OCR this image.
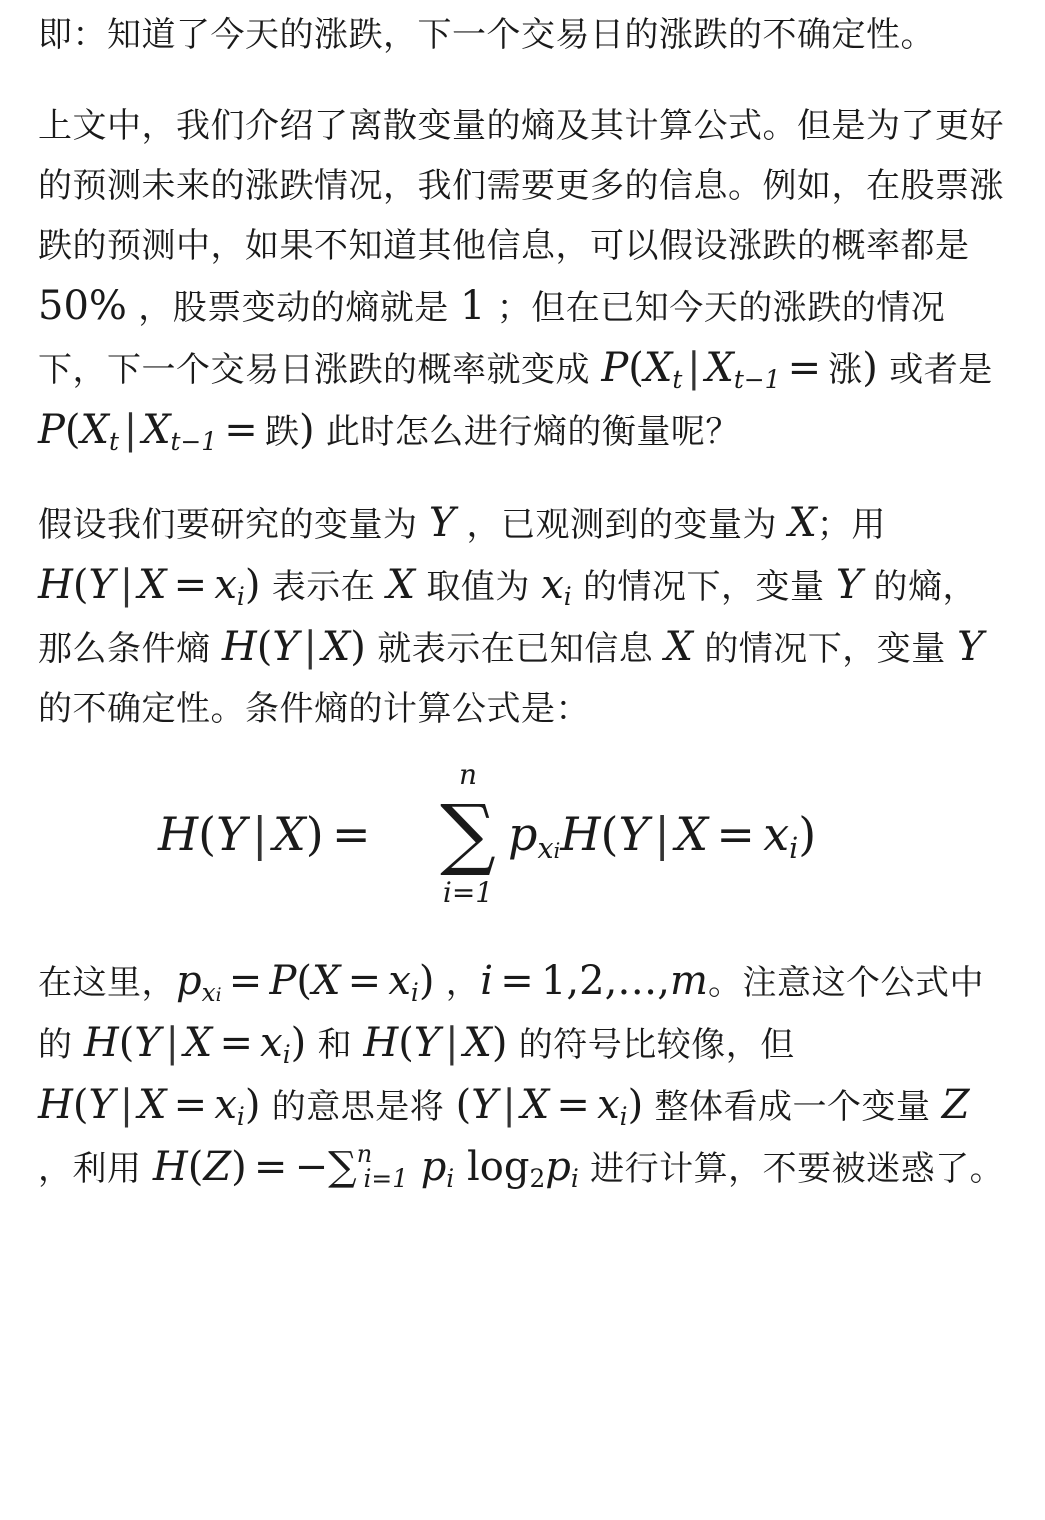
即：知道了今天的涨跌，下一个交易日的涨跌的不确定性。

上文中，我们介绍了离散变量的熵及其计算公式。但是为了更好的预测未来的涨跌情况，我们需要更多的信息。例如，在股票涨跌的预测中，如果不知道其他信息，可以假设涨跌的概率都是 50% ，股票变动的熵就是 1 ；但在已知今天的涨跌的情况下，下一个交易日涨跌的概率就变成 $P(X_t$ | $X_{t-1}$ = 涨) 或者是 $P(X_t$ | $X_{t-1}$ = 跌) 此时怎么进行熵的衡量呢？

假设我们要研究的变量为 Y ，已观测到的变量为 X；用 H(Y | $X = x_i$) 表示在 X 取值为 $x_i$ 的情况下，变量 Y 的熵，那么条件熵 H(Y | X) 就表示在已知信息 X 的情况下，变量 Y 的不确定性。条件熵的计算公式是：

H(Y | X) =
n
∑
i=1
$p_{xi}H(Y$ | $X = x_i$)

在这里，$p_{xi} = P(X = x_i)$ ，i = 1,2,…,m。注意这个公式中的 H(Y | $X = x_i$) 和 H(Y | X) 的符号比较像，但 H(Y | $X = x_i$) 的意思是将 (Y | $X = x_i$) 整体看成一个变量 Z ，利用 H(Z) = −∑$^n_{i=1}$ $p_i$ $\log_2p_i$ 进行计算，不要被迷惑了。
